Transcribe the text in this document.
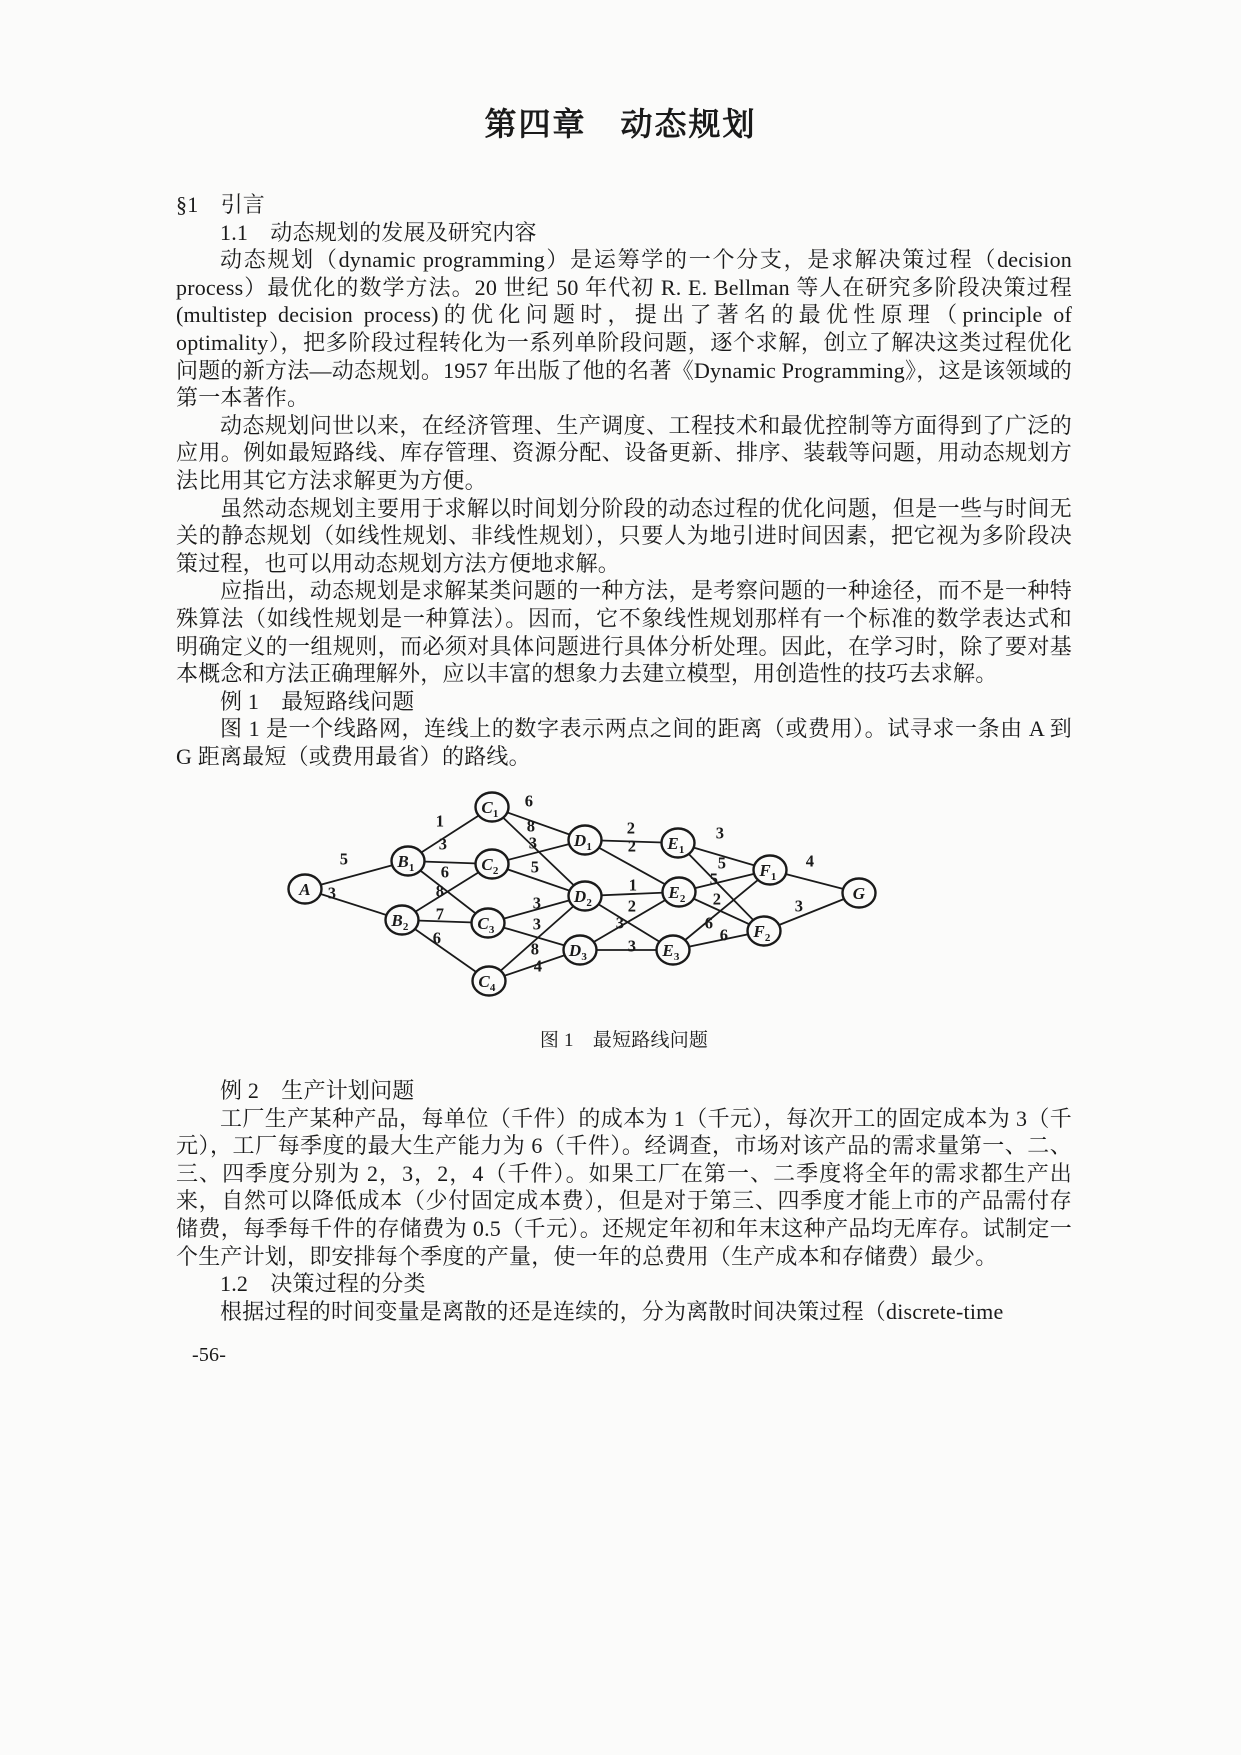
第四章　动态规划

§1　引言

1.1　动态规划的发展及研究内容

动态规划（dynamic programming）是运筹学的一个分支，是求解决策过程（decision process）最优化的数学方法。20 世纪 50 年代初 R. E. Bellman 等人在研究多阶段决策过程(multistep decision process)的优化问题时，提出了著名的最优性原理（principle of optimality），把多阶段过程转化为一系列单阶段问题，逐个求解，创立了解决这类过程优化问题的新方法—动态规划。1957 年出版了他的名著《Dynamic Programming》，这是该领域的第一本著作。

动态规划问世以来，在经济管理、生产调度、工程技术和最优控制等方面得到了广泛的应用。例如最短路线、库存管理、资源分配、设备更新、排序、装载等问题，用动态规划方法比用其它方法求解更为方便。

虽然动态规划主要用于求解以时间划分阶段的动态过程的优化问题，但是一些与时间无关的静态规划（如线性规划、非线性规划），只要人为地引进时间因素，把它视为多阶段决策过程，也可以用动态规划方法方便地求解。

应指出，动态规划是求解某类问题的一种方法，是考察问题的一种途径，而不是一种特殊算法（如线性规划是一种算法）。因而，它不象线性规划那样有一个标准的数学表达式和明确定义的一组规则，而必须对具体问题进行具体分析处理。因此，在学习时，除了要对基本概念和方法正确理解外，应以丰富的想象力去建立模型，用创造性的技巧去求解。

例 1　最短路线问题

图 1 是一个线路网，连线上的数字表示两点之间的距离（或费用）。试寻求一条由 A 到 G 距离最短（或费用最省）的路线。

A
$B_1$
$B_2$
$C_1$
$C_2$
$C_3$
$C_4$
$D_1$
$D_2$
$D_3$
$E_1$
$E_2$
$E_3$
$F_1$
$F_2$
G
5
3
1
3
6
8
7
6
6
8
3
5
3
3
8
4
2
2
1
2
3
3
3
5
5
2
6
6
4
3

图 1　最短路线问题

例 2　生产计划问题

工厂生产某种产品，每单位（千件）的成本为 1（千元），每次开工的固定成本为 3（千元），工厂每季度的最大生产能力为 6（千件）。经调查，市场对该产品的需求量第一、二、三、四季度分别为 2，3，2，4（千件）。如果工厂在第一、二季度将全年的需求都生产出来，自然可以降低成本（少付固定成本费），但是对于第三、四季度才能上市的产品需付存储费，每季每千件的存储费为 0.5（千元）。还规定年初和年末这种产品均无库存。试制定一个生产计划，即安排每个季度的产量，使一年的总费用（生产成本和存储费）最少。

1.2　决策过程的分类

根据过程的时间变量是离散的还是连续的，分为离散时间决策过程（discrete-time

-56-
